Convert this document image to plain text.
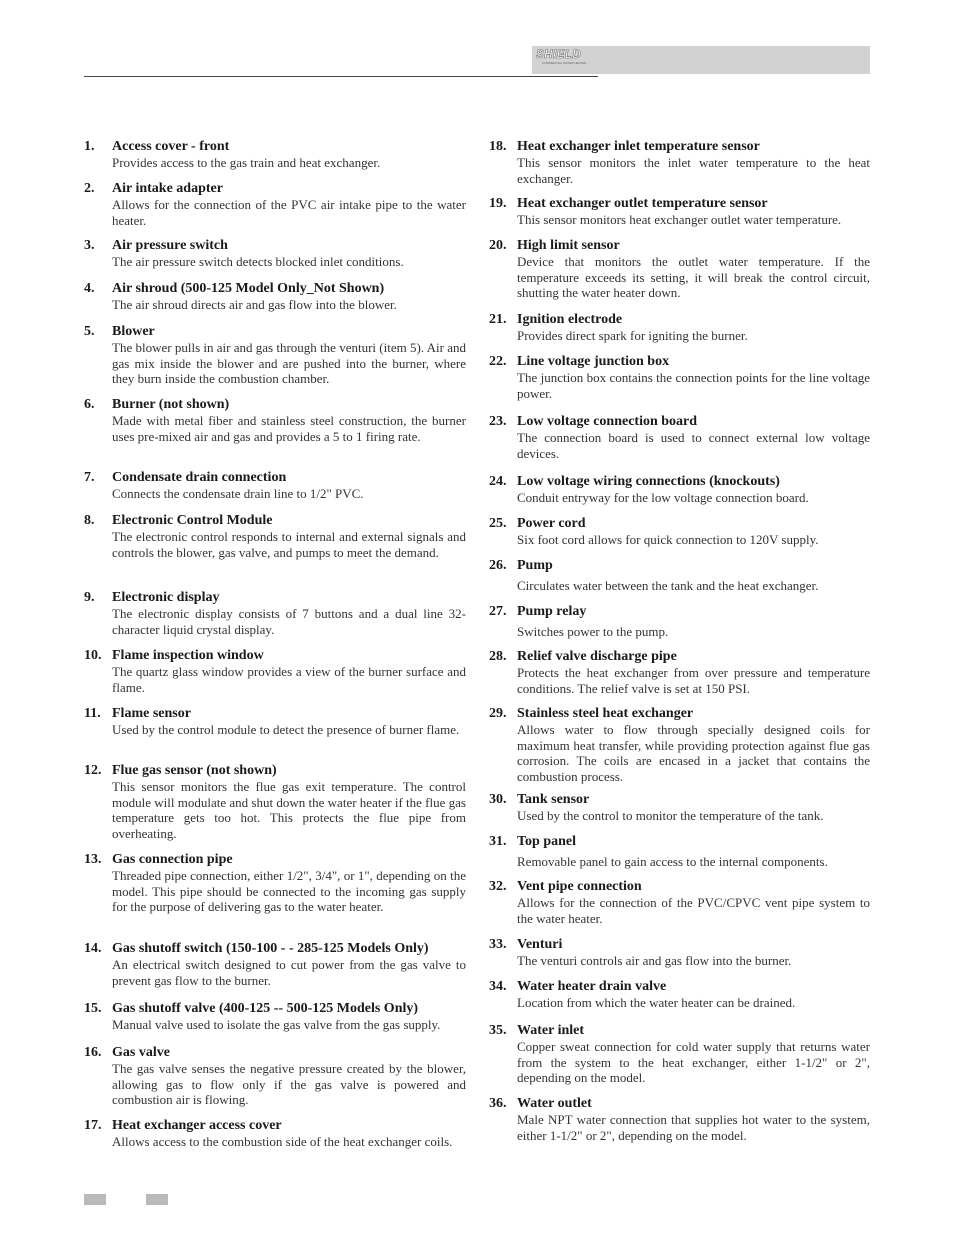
SHIELD
COMMERCIAL WATER HEATER
1.	Access cover - front
Provides access to the gas train and heat exchanger.
2.	Air intake adapter
Allows for the connection of the PVC air intake pipe to the water heater.
3.	Air pressure switch
The air pressure switch detects blocked inlet conditions.
4.	Air shroud (500-125 Model Only_Not Shown)
The air shroud directs air and gas flow into the blower.
5.	Blower
The blower pulls in air and gas through the venturi (item 5). Air and gas mix inside the blower and are pushed into the burner, where they burn inside the combustion chamber.
6.	Burner (not shown)
Made with metal fiber and stainless steel construction, the burner uses pre-mixed air and gas and provides a 5 to 1 firing rate.
7.	Condensate drain connection
Connects the condensate drain line to 1/2" PVC.
8.	Electronic Control Module
The electronic control responds to internal and external signals and controls the blower, gas valve, and pumps to meet the demand.
9.	Electronic display
The electronic display consists of 7 buttons and a dual line 32-character liquid crystal display.
10. Flame inspection window
The quartz glass window provides a view of the burner surface and flame.
11. Flame sensor
Used by the control module to detect the presence of burner flame.
12. Flue gas sensor (not shown)
This sensor monitors the flue gas exit temperature. The control module will modulate and shut down the water heater if the flue gas temperature gets too hot. This protects the flue pipe from overheating.
13. Gas connection pipe
Threaded pipe connection, either 1/2", 3/4", or 1", depending on the model. This pipe should be connected to the incoming gas supply for the purpose of delivering gas to the water heater.
14. Gas shutoff switch (150-100 - - 285-125 Models Only)
An electrical switch designed to cut power from the gas valve to prevent gas flow to the burner.
15. Gas shutoff valve (400-125 -- 500-125 Models Only)
Manual valve used to isolate the gas valve from the gas supply.
16. Gas valve
The gas valve senses the negative pressure created by the blower, allowing gas to flow only if the gas valve is powered and combustion air is flowing.
17. Heat exchanger access cover
Allows access to the combustion side of the heat exchanger coils.
18. Heat exchanger inlet temperature sensor
This sensor monitors the inlet water temperature to the heat exchanger.
19. Heat exchanger outlet temperature sensor
This sensor monitors heat exchanger outlet water temperature.
20. High limit sensor
Device that monitors the outlet water temperature. If the temperature exceeds its setting, it will break the control circuit, shutting the water heater down.
21. Ignition electrode
Provides direct spark for igniting the burner.
22. Line voltage junction box
The junction box contains the connection points for the line voltage power.
23. Low voltage connection board
The connection board is used to connect external low voltage devices.
24. Low voltage wiring connections (knockouts)
Conduit entryway for the low voltage connection board.
25. Power cord
Six foot cord allows for quick connection to 120V supply.
26. Pump
Circulates water between the tank and the heat exchanger.
27. Pump relay
Switches power to the pump.
28. Relief valve discharge pipe
Protects the heat exchanger from over pressure and temperature conditions. The relief valve is set at 150 PSI.
29. Stainless steel heat exchanger
Allows water to flow through specially designed coils for maximum heat transfer, while providing protection against flue gas corrosion. The coils are encased in a jacket that contains the combustion process.
30. Tank sensor
Used by the control to monitor the temperature of the tank.
31. Top panel
Removable panel to gain access to the internal components.
32. Vent pipe connection
Allows for the connection of the PVC/CPVC vent pipe system to the water heater.
33. Venturi
The venturi controls air and gas flow into the burner.
34. Water heater drain valve
Location from which the water heater can be drained.
35. Water inlet
Copper sweat connection for cold water supply that returns water from the system to the heat exchanger, either 1-1/2" or 2", depending on the model.
36. Water outlet
Male NPT water connection that supplies hot water to the system, either 1-1/2" or 2", depending on the model.
